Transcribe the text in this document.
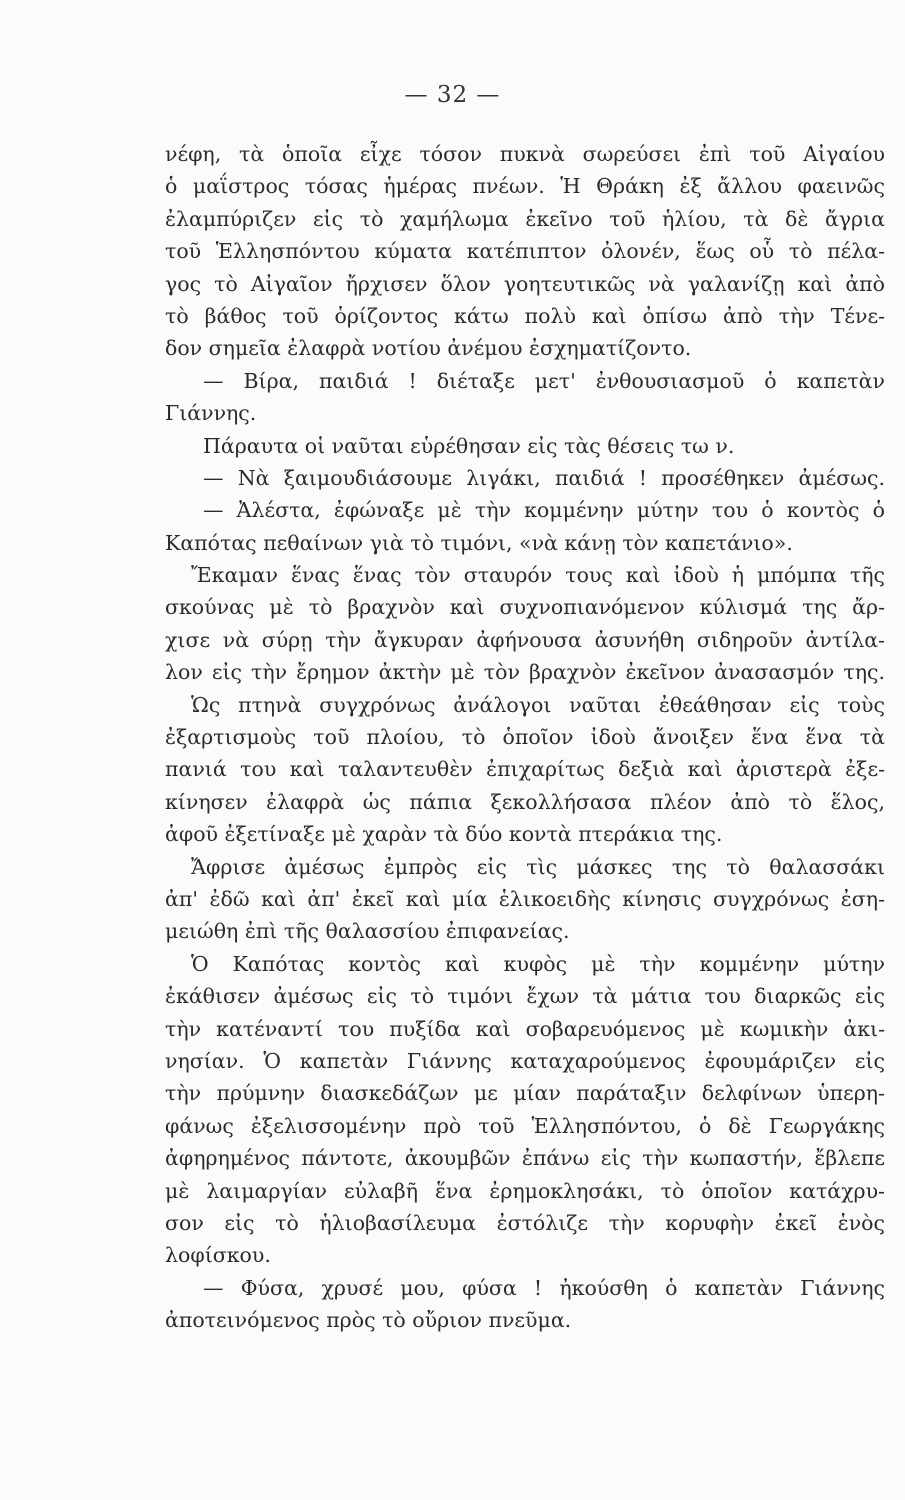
— 32 —
νέφη, τὰ ὁποῖα εἶχε τόσον πυκνὰ σωρεύσει ἐπὶ τοῦ Αἰγαίου
ὁ μαΐστρος τόσας ἡμέρας πνέων. Ἡ Θράκη ἐξ ἄλλου φαεινῶς
ἐλαμπύριζεν εἰς τὸ χαμήλωμα ἐκεῖνο τοῦ ἡλίου, τὰ δὲ ἄγρια
τοῦ Ἑλλησπόντου κύματα κατέπιπτον ὀλονέν, ἕως οὗ τὸ πέλα-
γος τὸ Αἰγαῖον ἤρχισεν ὅλον γοητευτικῶς νὰ γαλανίζῃ καὶ ἀπὸ
τὸ βάθος τοῦ ὁρίζοντος κάτω πολὺ καὶ ὀπίσω ἀπὸ τὴν Τένε-
δον σημεῖα ἐλαφρὰ νοτίου ἀνέμου ἐσχηματίζοντο.
— Βίρα, παιδιά ! διέταξε μετ' ἐνθουσιασμοῦ ὁ καπετὰν
Γιάννης.
Πάραυτα οἱ ναῦται εὑρέθησαν εἰς τὰς θέσεις τω ν.
— Νὰ ξαιμουδιάσουμε λιγάκι, παιδιά ! προσέθηκεν ἀμέσως.
— Ἀλέστα, ἐφώναξε μὲ τὴν κομμένην μύτην του ὁ κοντὸς ὁ
Καπότας πεθαίνων γιὰ τὸ τιμόνι, «νὰ κάνῃ τὸν καπετάνιο».
Ἔκαμαν ἕνας ἕνας τὸν σταυρόν τους καὶ ἰδοὺ ἡ μπόμπα τῆς
σκούνας μὲ τὸ βραχνὸν καὶ συχνοπιανόμενον κύλισμά της ἄρ-
χισε νὰ σύρῃ τὴν ἄγκυραν ἀφήνουσα ἀσυνήθη σιδηροῦν ἀντίλα-
λον εἰς τὴν ἔρημον ἀκτὴν μὲ τὸν βραχνὸν ἐκεῖνον ἀνασασμόν της.
Ὡς πτηνὰ συγχρόνως ἀνάλογοι ναῦται ἐθεάθησαν εἰς τοὺς
ἐξαρτισμοὺς τοῦ πλοίου, τὸ ὁποῖον ἰδοὺ ἄνοιξεν ἕνα ἕνα τὰ
πανιά του καὶ ταλαντευθὲν ἐπιχαρίτως δεξιὰ καὶ ἀριστερὰ ἐξε-
κίνησεν ἐλαφρὰ ὡς πάπια ξεκολλήσασα πλέον ἀπὸ τὸ ἕλος,
ἀφοῦ ἐξετίναξε μὲ χαρὰν τὰ δύο κοντὰ πτεράκια της.
Ἄφρισε ἀμέσως ἐμπρὸς εἰς τὶς μάσκες της τὸ θαλασσάκι
ἀπ' ἐδῶ καὶ ἀπ' ἐκεῖ καὶ μία ἑλικοειδὴς κίνησις συγχρόνως ἐση-
μειώθη ἐπὶ τῆς θαλασσίου ἐπιφανείας.
Ὁ Καπότας κοντὸς καὶ κυφὸς μὲ τὴν κομμένην μύτην
ἐκάθισεν ἀμέσως εἰς τὸ τιμόνι ἔχων τὰ μάτια του διαρκῶς εἰς
τὴν κατέναντί του πυξίδα καὶ σοβαρευόμενος μὲ κωμικὴν ἀκι-
νησίαν. Ὁ καπετὰν Γιάννης καταχαρούμενος ἐφουμάριζεν εἰς
τὴν πρύμνην διασκεδάζων με μίαν παράταξιν δελφίνων ὑπερη-
φάνως ἐξελισσομένην πρὸ τοῦ Ἑλλησπόντου, ὁ δὲ Γεωργάκης
ἀφηρημένος πάντοτε, ἀκουμβῶν ἐπάνω εἰς τὴν κωπαστήν, ἔβλεπε
μὲ λαιμαργίαν εὐλαβῆ ἕνα ἐρημοκλησάκι, τὸ ὁποῖον κατάχρυ-
σον εἰς τὸ ἡλιοβασίλευμα ἐστόλιζε τὴν κορυφὴν ἐκεῖ ἑνὸς
λοφίσκου.
— Φύσα, χρυσέ μου, φύσα ! ἠκούσθη ὁ καπετὰν Γιάννης
ἀποτεινόμενος πρὸς τὸ οὔριον πνεῦμα.
